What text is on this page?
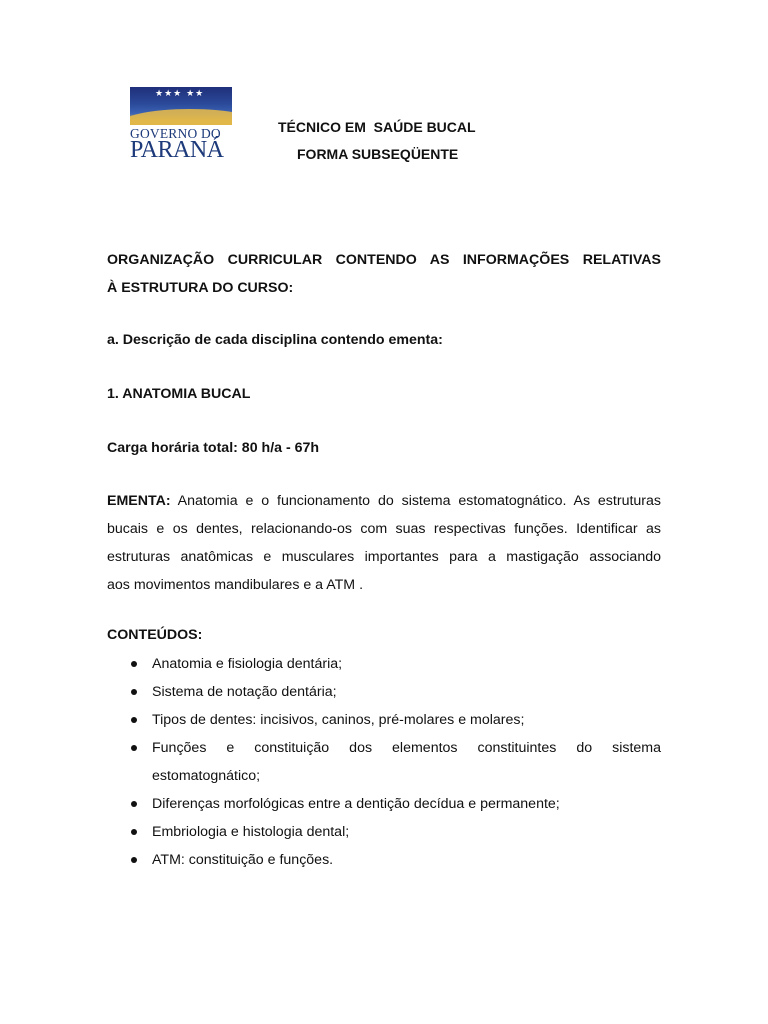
★★★ ★★
GOVERNO DO
PARANÁ
TÉCNICO EM  SAÚDE BUCAL
FORMA SUBSEQÜENTE
ORGANIZAÇÃO CURRICULAR CONTENDO AS INFORMAÇÕES RELATIVAS
À ESTRUTURA DO CURSO:
a. Descrição de cada disciplina contendo ementa:
1. ANATOMIA BUCAL
Carga horária total: 80 h/a - 67h
EMENTA: Anatomia e o funcionamento do sistema estomatognático. As estruturas
bucais e os dentes, relacionando-os com suas respectivas funções. Identificar as
estruturas anatômicas e musculares importantes para a mastigação associando
aos movimentos mandibulares e a ATM .
CONTEÚDOS:
Anatomia e fisiologia dentária;
Sistema de notação dentária;
Tipos de dentes: incisivos, caninos, pré-molares e molares;
Funções e constituição dos elementos constituintes do sistema
estomatognático;
Diferenças morfológicas entre a dentição decídua e permanente;
Embriologia e histologia dental;
ATM: constituição e funções.
